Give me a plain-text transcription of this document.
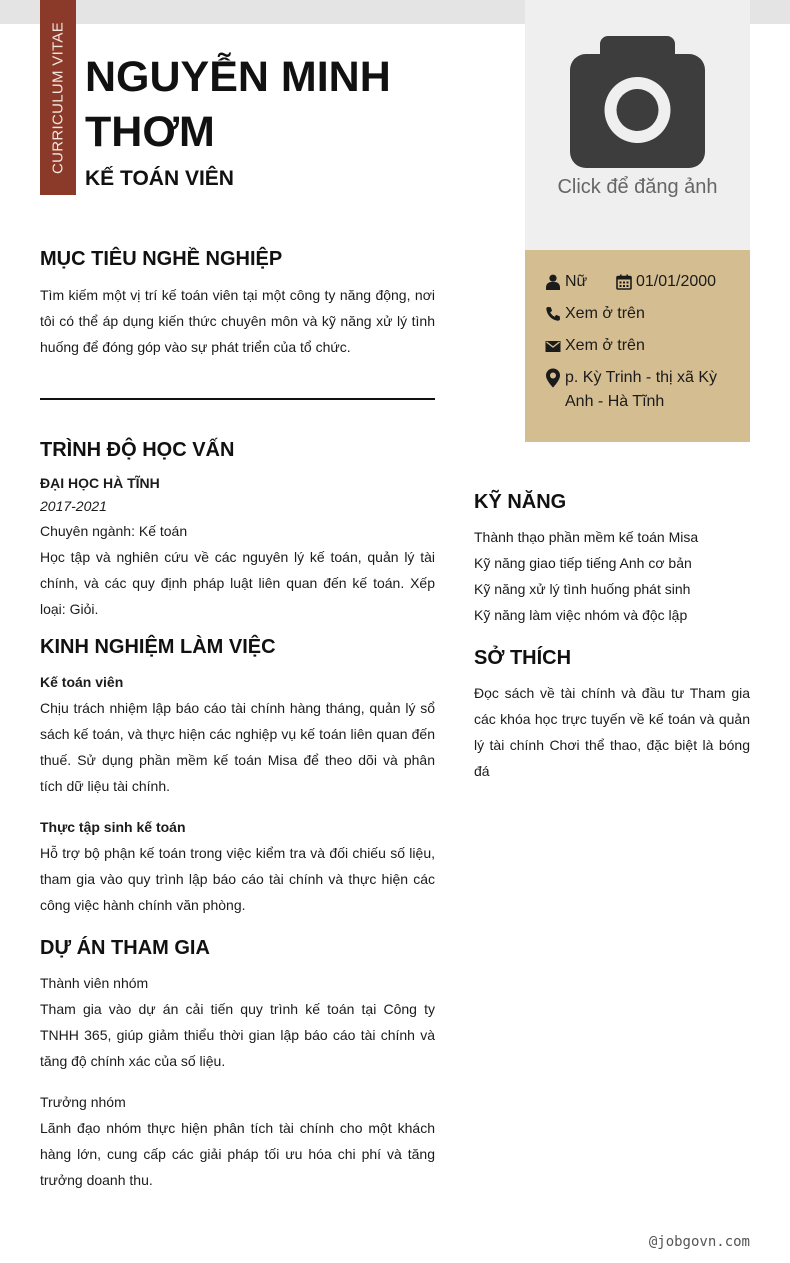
CURRICULUM VITAE NGUYỄN MINH THƠM
KẾ TOÁN VIÊN	Click để đăng ảnh
Nữ	01/01/2000
Xem ở trên
Xem ở trên
p. Kỳ Trinh - thị xã Kỳ
Anh - Hà Tĩnh
MỤC TIÊU NGHỀ NGHIỆP

Tìm kiếm một vị trí kế toán viên tại một công ty năng động, nơi tôi có thể áp dụng kiến thức chuyên môn và kỹ năng xử lý tình huống để đóng góp vào sự phát triển của tổ chức.

TRÌNH ĐỘ HỌC VẤN
ĐẠI HỌC HÀ TĨNH
2017-2021
Chuyên ngành: Kế toán

Học tập và nghiên cứu về các nguyên lý kế toán, quản lý tài chính, và các quy định pháp luật liên quan đến kế toán. Xếp loại: Giỏi.

KINH NGHIỆM LÀM VIỆC
Kế toán viên

Chịu trách nhiệm lập báo cáo tài chính hàng tháng, quản lý sổ sách kế toán, và thực hiện các nghiệp vụ kế toán liên quan đến thuế. Sử dụng phần mềm kế toán Misa để theo dõi và phân tích dữ liệu tài chính.

Thực tập sinh kế toán

Hỗ trợ bộ phận kế toán trong việc kiểm tra và đối chiếu số liệu, tham gia vào quy trình lập báo cáo tài chính và thực hiện các công việc hành chính văn phòng.

DỰ ÁN THAM GIA
Thành viên nhóm

Tham gia vào dự án cải tiến quy trình kế toán tại Công ty TNHH 365, giúp giảm thiểu thời gian lập báo cáo tài chính và tăng độ chính xác của số liệu.

Trưởng nhóm

Lãnh đạo nhóm thực hiện phân tích tài chính cho một khách hàng lớn, cung cấp các giải pháp tối ưu hóa chi phí và tăng trưởng doanh thu.

KỸ NĂNG
Thành thạo phần mềm kế toán Misa
Kỹ năng giao tiếp tiếng Anh cơ bản
Kỹ năng xử lý tình huống phát sinh
Kỹ năng làm việc nhóm và độc lập
SỞ THÍCH

Đọc sách về tài chính và đầu tư Tham gia các khóa học trực tuyến về kế toán và quản lý tài chính Chơi thể thao, đặc biệt là bóng đá

@jobgovn.com
